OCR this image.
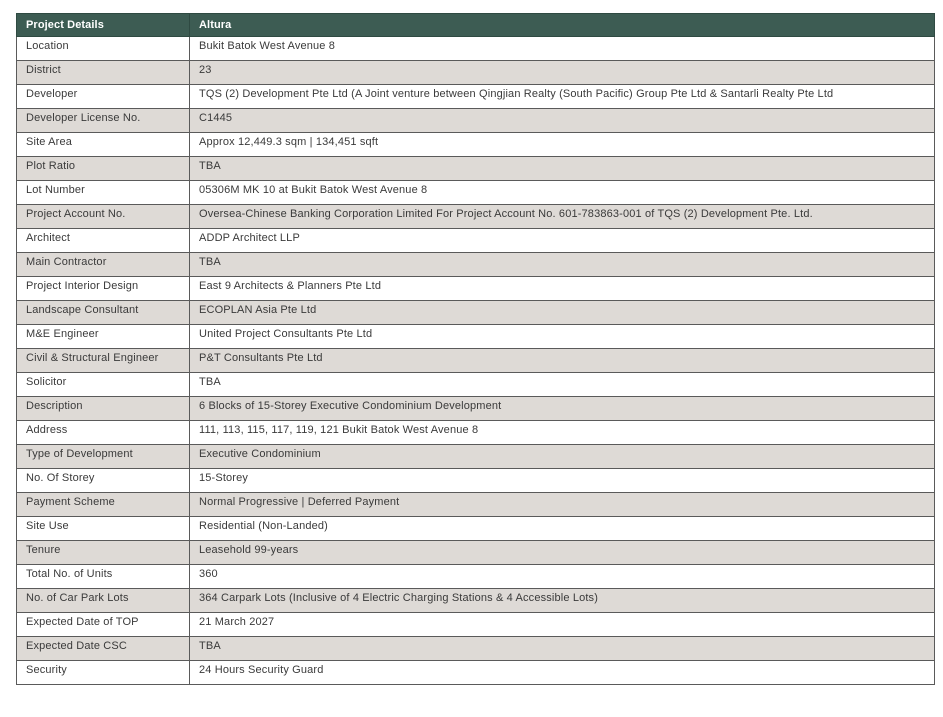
Project Details	Altura
Location	Bukit Batok West Avenue 8
District	23
Developer	TQS (2) Development Pte Ltd (A Joint venture between Qingjian Realty (South Pacific) Group Pte Ltd & Santarli Realty Pte Ltd
Developer License No.	C1445
Site Area	Approx 12,449.3 sqm | 134,451 sqft
Plot Ratio	TBA
Lot Number	05306M MK 10 at Bukit Batok West Avenue 8
Project Account No.	Oversea-Chinese Banking Corporation Limited For Project Account No. 601-783863-001 of TQS (2) Development Pte. Ltd.
Architect	ADDP Architect LLP
Main Contractor	TBA
Project Interior Design	East 9 Architects & Planners Pte Ltd
Landscape Consultant	ECOPLAN Asia Pte Ltd
M&E Engineer	United Project Consultants Pte Ltd
Civil & Structural Engineer	P&T Consultants Pte Ltd
Solicitor	TBA
Description	6 Blocks of 15-Storey Executive Condominium Development
Address	111, 113, 115, 117, 119, 121 Bukit Batok West Avenue 8
Type of Development	Executive Condominium
No. Of Storey	15-Storey
Payment Scheme	Normal Progressive | Deferred Payment
Site Use	Residential (Non-Landed)
Tenure	Leasehold 99-years
Total No. of Units	360
No. of Car Park Lots	364 Carpark Lots (Inclusive of 4 Electric Charging Stations & 4 Accessible Lots)
Expected Date of TOP	21 March 2027
Expected Date CSC	TBA
Security	24 Hours Security Guard
